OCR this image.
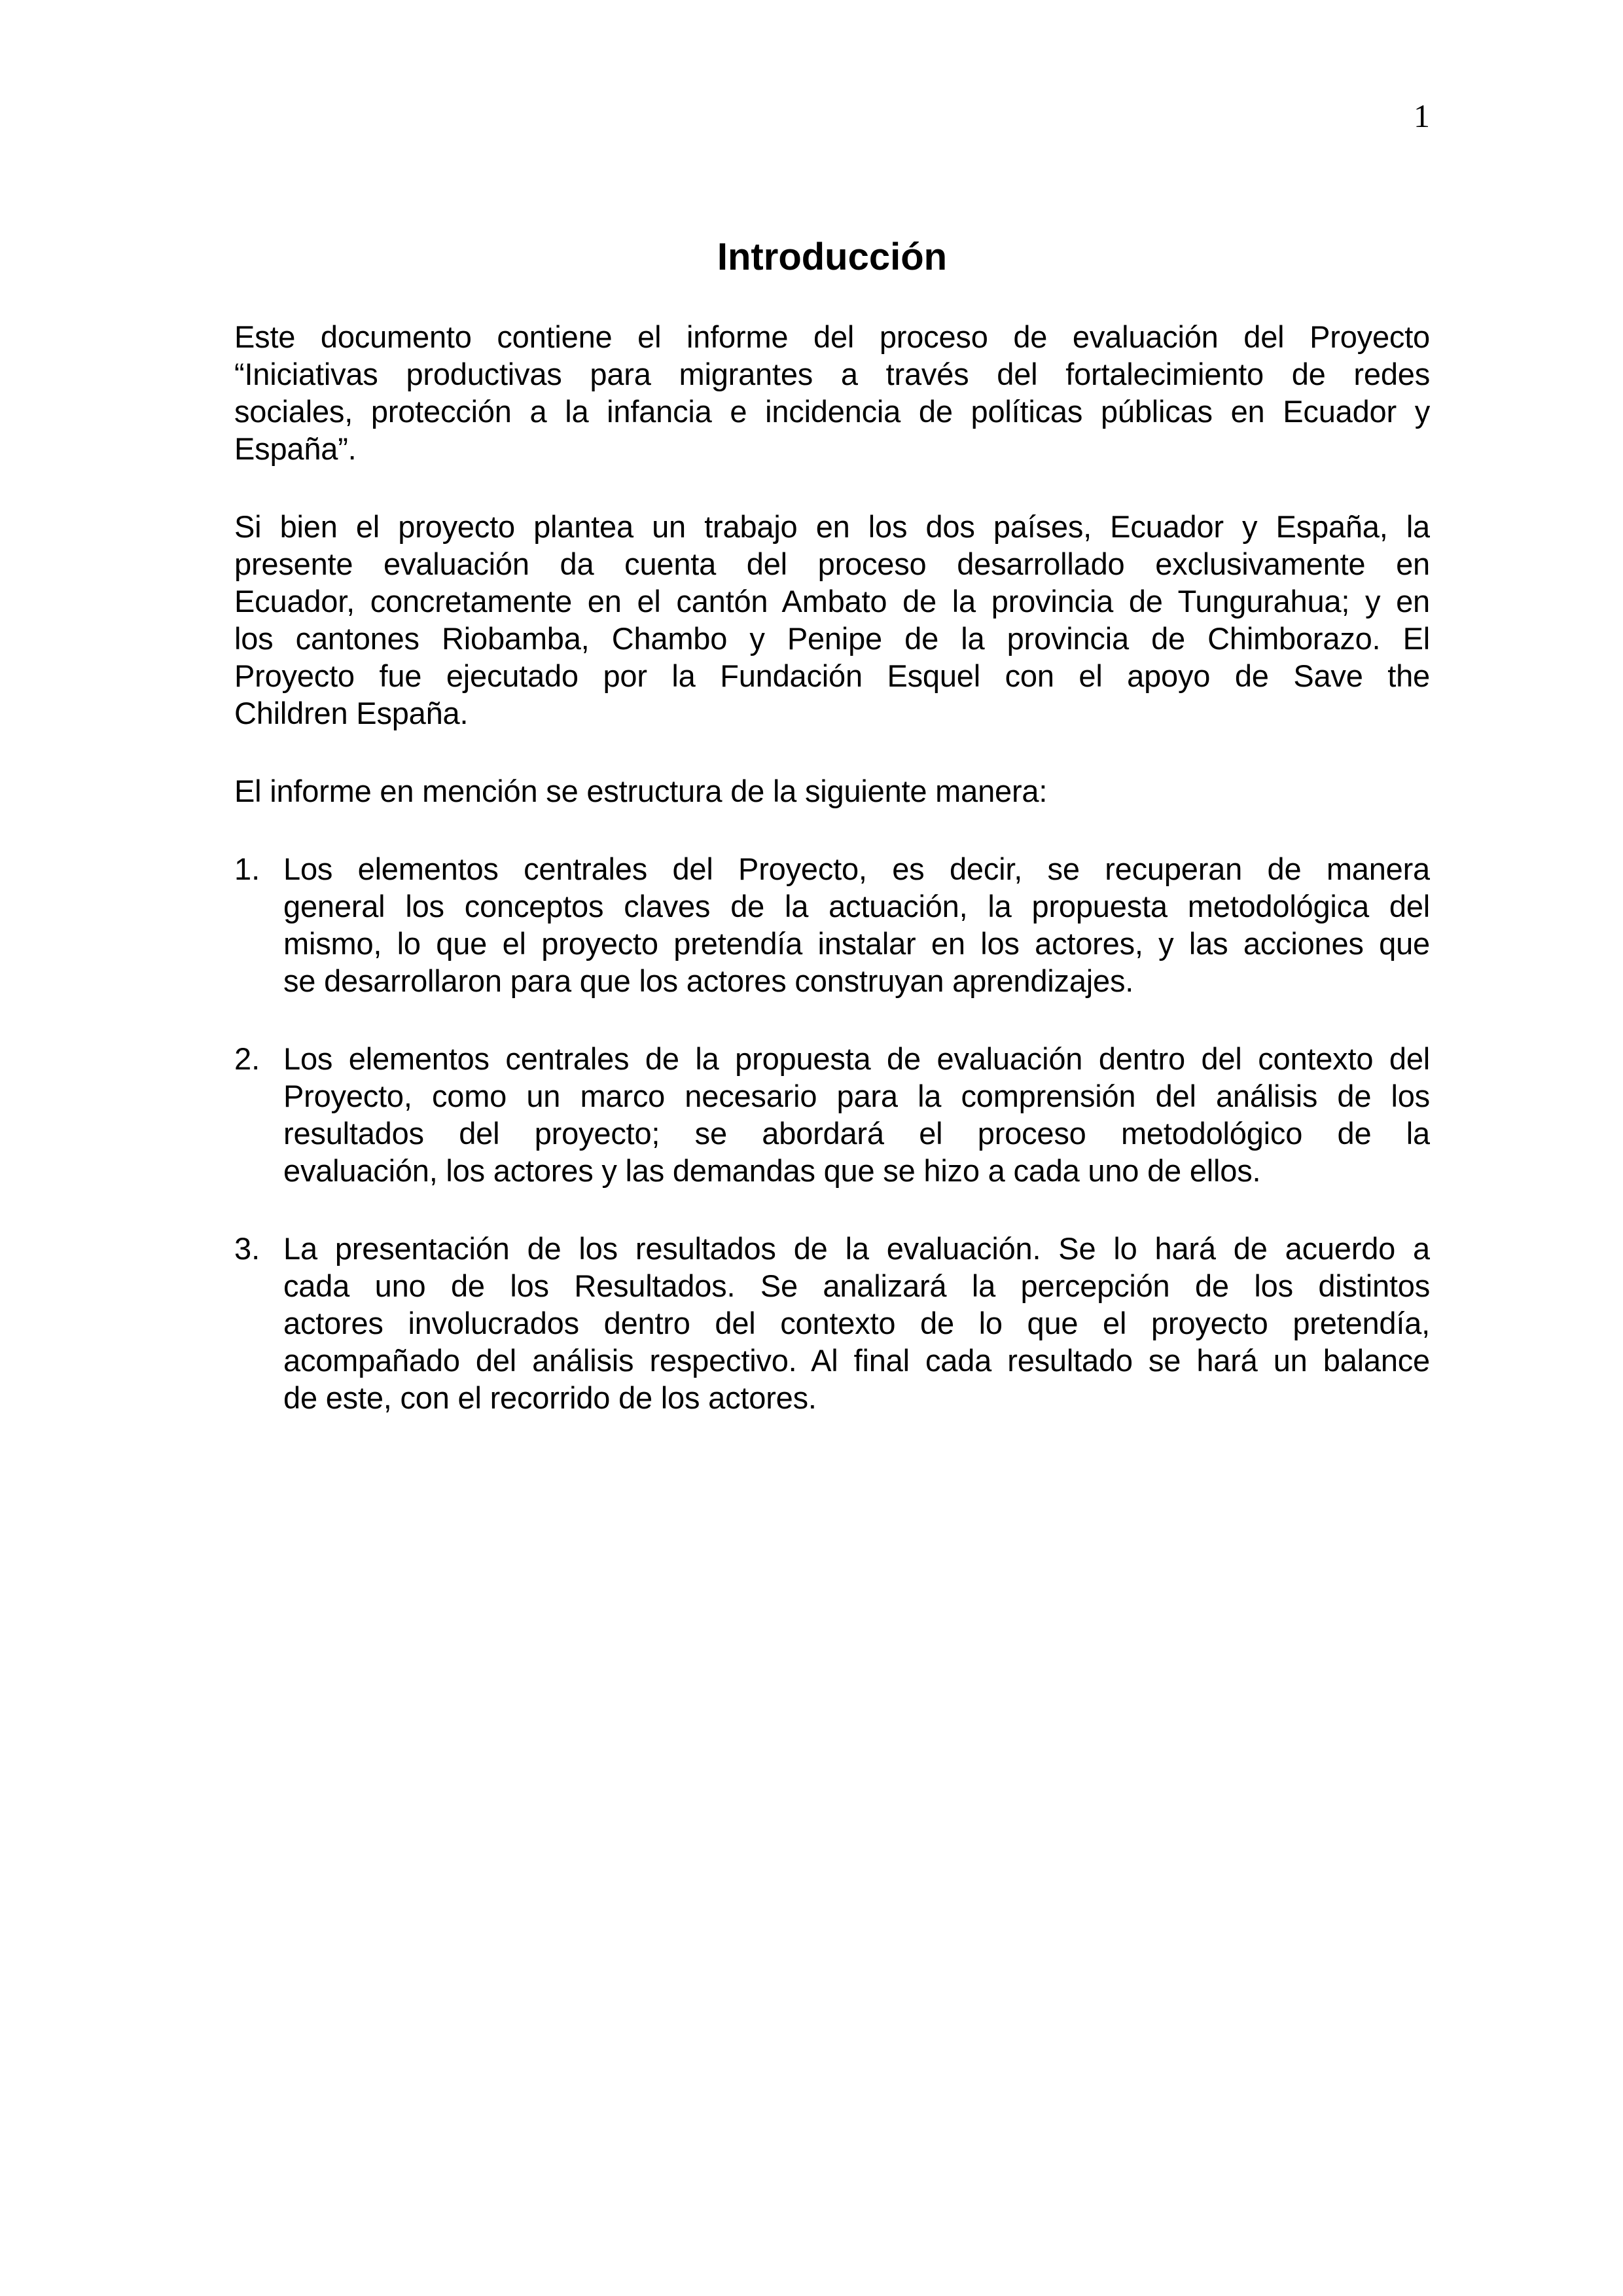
1
Introducción
Este documento contiene el informe del proceso de evaluación del Proyecto
“Iniciativas productivas para migrantes a través del fortalecimiento de redes
sociales, protección a la infancia e incidencia de políticas públicas en Ecuador y
España”.
Si bien el proyecto plantea un trabajo en los dos países, Ecuador y España, la
presente evaluación da cuenta del proceso desarrollado exclusivamente en
Ecuador, concretamente en el cantón Ambato de la provincia de Tungurahua; y en
los cantones Riobamba, Chambo y Penipe de la provincia de Chimborazo. El
Proyecto fue ejecutado por la Fundación Esquel con el apoyo de Save the
Children España.
El informe en mención se estructura de la siguiente manera:
1. Los elementos centrales del Proyecto, es decir, se recuperan de manera
general los conceptos claves de la actuación, la propuesta metodológica del
mismo, lo que el proyecto pretendía instalar en los actores, y las acciones que
se desarrollaron para que los actores construyan aprendizajes.
2. Los elementos centrales de la propuesta de evaluación dentro del contexto del
Proyecto, como un marco necesario para la comprensión del análisis de los
resultados del proyecto; se abordará el proceso metodológico de la
evaluación, los actores y las demandas que se hizo a cada uno de ellos.
3. La presentación de los resultados de la evaluación. Se lo hará de acuerdo a
cada uno de los Resultados. Se analizará la percepción de los distintos
actores involucrados dentro del contexto de lo que el proyecto pretendía,
acompañado del análisis respectivo. Al final cada resultado se hará un balance
de este, con el recorrido de los actores.
